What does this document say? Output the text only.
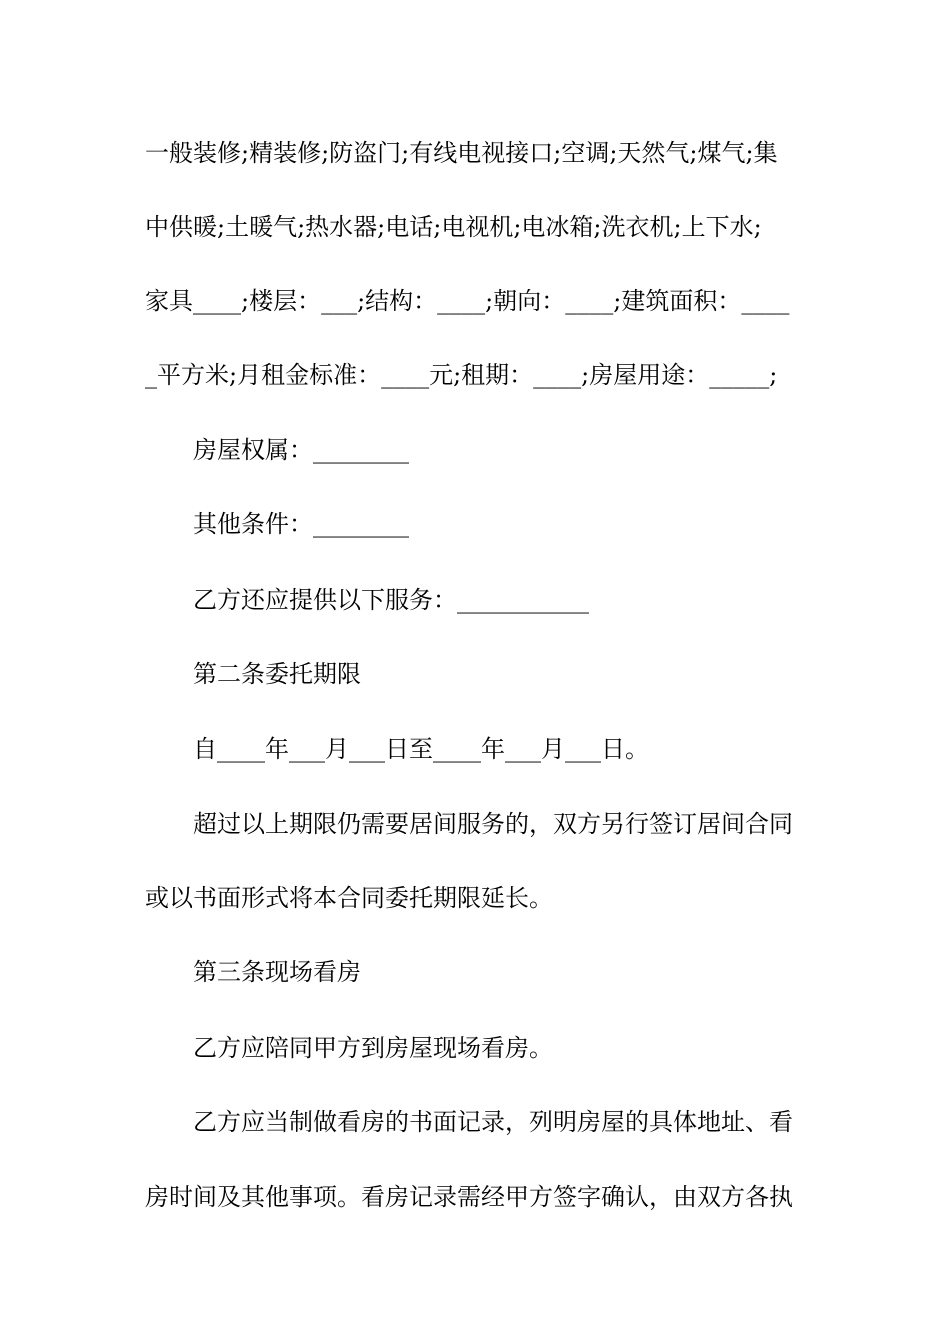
一般装修;精装修;防盗门;有线电视接口;空调;天然气;煤气;集
中供暖;土暖气;热水器;电话;电视机;电冰箱;洗衣机;上下水;
家具____;楼层：___;结构：____;朝向：____;建筑面积：____
_平方米;月租金标准：____元;租期：____;房屋用途：_____;
房屋权属：________
其他条件：________
乙方还应提供以下服务：___________
第二条委托期限
自____年___月___日至____年___月___日。
超过以上期限仍需要居间服务的，双方另行签订居间合同
或以书面形式将本合同委托期限延长。
第三条现场看房
乙方应陪同甲方到房屋现场看房。
乙方应当制做看房的书面记录，列明房屋的具体地址、看
房时间及其他事项。看房记录需经甲方签字确认，由双方各执
